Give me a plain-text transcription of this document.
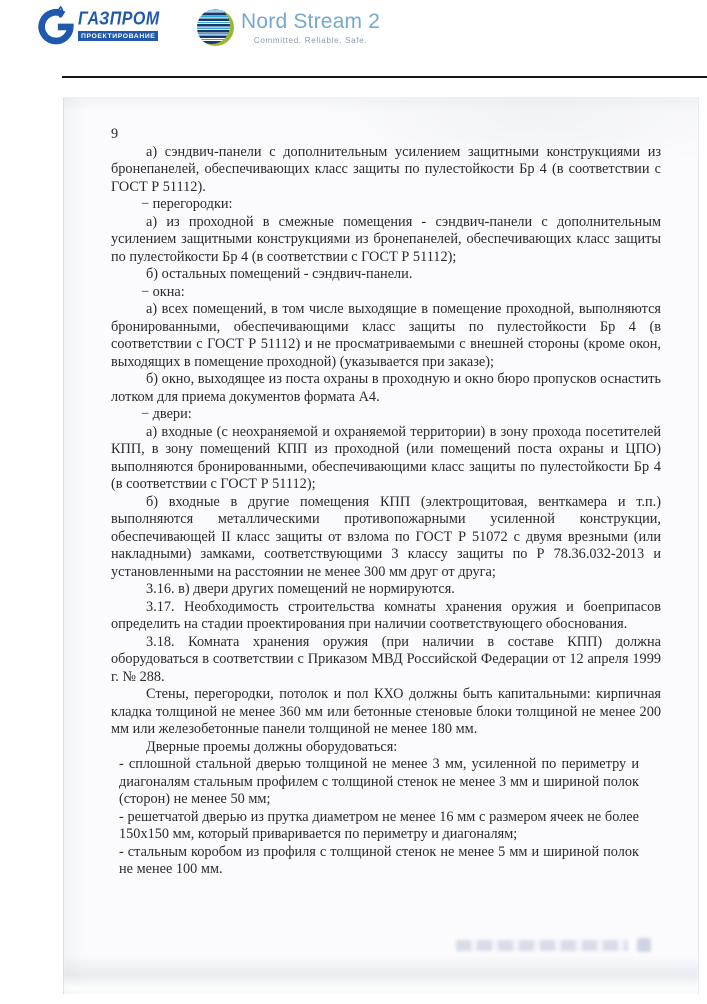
ГАЗПРОМ
ПРОЕКТИРОВАНИЕ
Nord Stream 2
Committed. Reliable. Safe.

9

а) сэндвич-панели с дополнительным усилением защитными конструкциями из бронепанелей, обеспечивающих класс защиты по пулестойкости Бр 4 (в соответствии с ГОСТ Р 51112).

− перегородки:

а) из проходной в смежные помещения - сэндвич-панели с дополнительным усилением защитными конструкциями из бронепанелей, обеспечивающих класс защиты по пулестойкости Бр 4 (в соответствии с ГОСТ Р 51112);

б) остальных помещений - сэндвич-панели.

− окна:

а) всех помещений, в том числе выходящие в помещение проходной, выполняются бронированными, обеспечивающими класс защиты по пулестойкости Бр 4 (в соответствии с ГОСТ Р 51112) и не просматриваемыми с внешней стороны (кроме окон, выходящих в помещение проходной) (указывается при заказе);

б) окно, выходящее из поста охраны в проходную и окно бюро пропусков оснастить лотком для приема документов формата А4.

− двери:

а) входные (с неохраняемой и охраняемой территории) в зону прохода посетителей КПП, в зону помещений КПП из проходной (или помещений поста охраны и ЦПО) выполняются бронированными, обеспечивающими класс защиты по пулестойкости Бр 4 (в соответствии с ГОСТ Р 51112);

б) входные в другие помещения КПП (электрощитовая, венткамера и т.п.) выполняются металлическими противопожарными усиленной конструкции, обеспечивающей II класс защиты от взлома по ГОСТ Р 51072 с двумя врезными (или накладными) замками, соответствующими 3 классу защиты по Р 78.36.032-2013 и установленными на расстоянии не менее 300 мм друг от друга;

3.16. в) двери других помещений не нормируются.

3.17. Необходимость строительства комнаты хранения оружия и боеприпасов определить на стадии проектирования при наличии соответствующего обоснования.

3.18. Комната хранения оружия (при наличии в составе КПП) должна оборудоваться в соответствии с Приказом МВД Российской Федерации от 12 апреля 1999 г. № 288.

Стены, перегородки, потолок и пол КХО должны быть капитальными: кирпичная кладка толщиной не менее 360 мм или бетонные стеновые блоки толщиной не менее 200 мм или железобетонные панели толщиной не менее 180 мм.

Дверные проемы должны оборудоваться:

- сплошной стальной дверью толщиной не менее 3 мм, усиленной по периметру и диагоналям стальным профилем с толщиной стенок не менее 3 мм и шириной полок (сторон) не менее 50 мм;

- решетчатой дверью из прутка диаметром не менее 16 мм с размером ячеек не более 150х150 мм, который приваривается по периметру и диагоналям;

- стальным коробом из профиля с толщиной стенок не менее 5 мм и шириной полок не менее 100 мм.
